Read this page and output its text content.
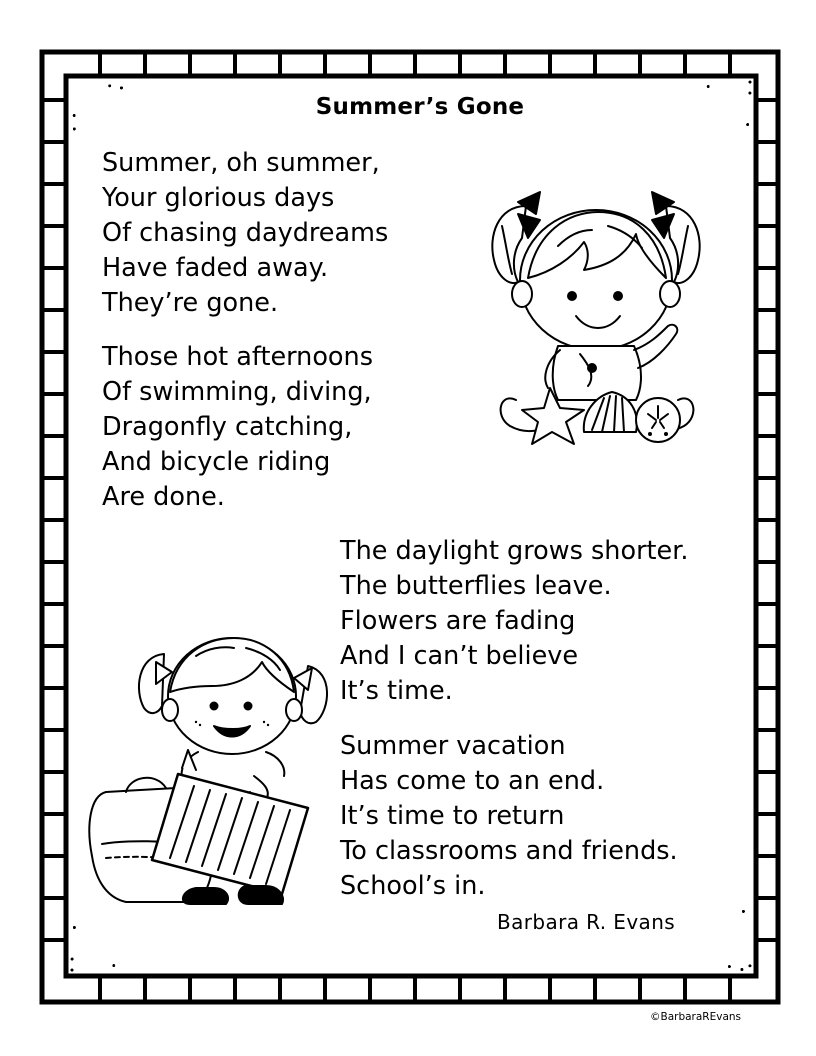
Summer’s Gone
Summer, oh summer,
Your glorious days
Of chasing daydreams
Have faded away.
They’re gone.
Those hot afternoons
Of swimming, diving,
Dragonfly catching,
And bicycle riding
Are done.
The daylight grows shorter.
The butterflies leave.
Flowers are fading
And I can’t believe
It’s time.
Summer vacation
Has come to an end.
It’s time to return
To classrooms and friends.
School’s in.
Barbara R. Evans
©BarbaraREvans
